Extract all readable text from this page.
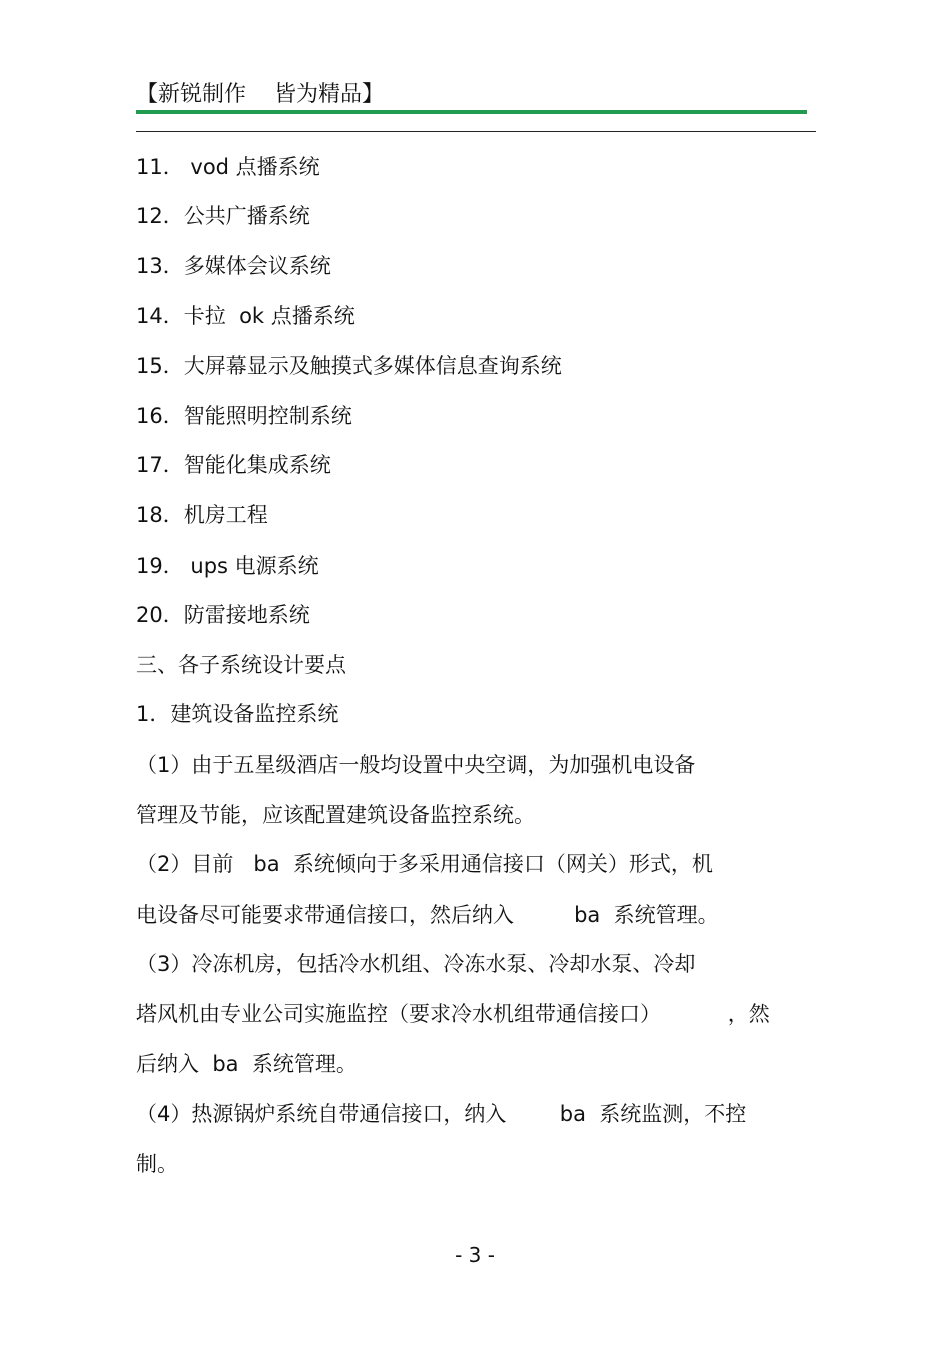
【新锐制作    皆为精品】
11． vod 点播系统
12．公共广播系统
13．多媒体会议系统
14．卡拉  ok 点播系统
15．大屏幕显示及触摸式多媒体信息查询系统
16．智能照明控制系统
17．智能化集成系统
18．机房工程
19． ups 电源系统
20．防雷接地系统
三、各子系统设计要点
1．建筑设备监控系统
（1）由于五星级酒店一般均设置中央空调，为加强机电设备
管理及节能，应该配置建筑设备监控系统。
（2）目前   ba  系统倾向于多采用通信接口（网关）形式，机
电设备尽可能要求带通信接口，然后纳入         ba  系统管理。
（3）冷冻机房，包括冷水机组、冷冻水泵、冷却水泵、冷却
塔风机由专业公司实施监控（要求冷水机组带通信接口）          ，然
后纳入  ba  系统管理。
（4）热源锅炉系统自带通信接口，纳入        ba  系统监测，不控
制。
- 3 -
